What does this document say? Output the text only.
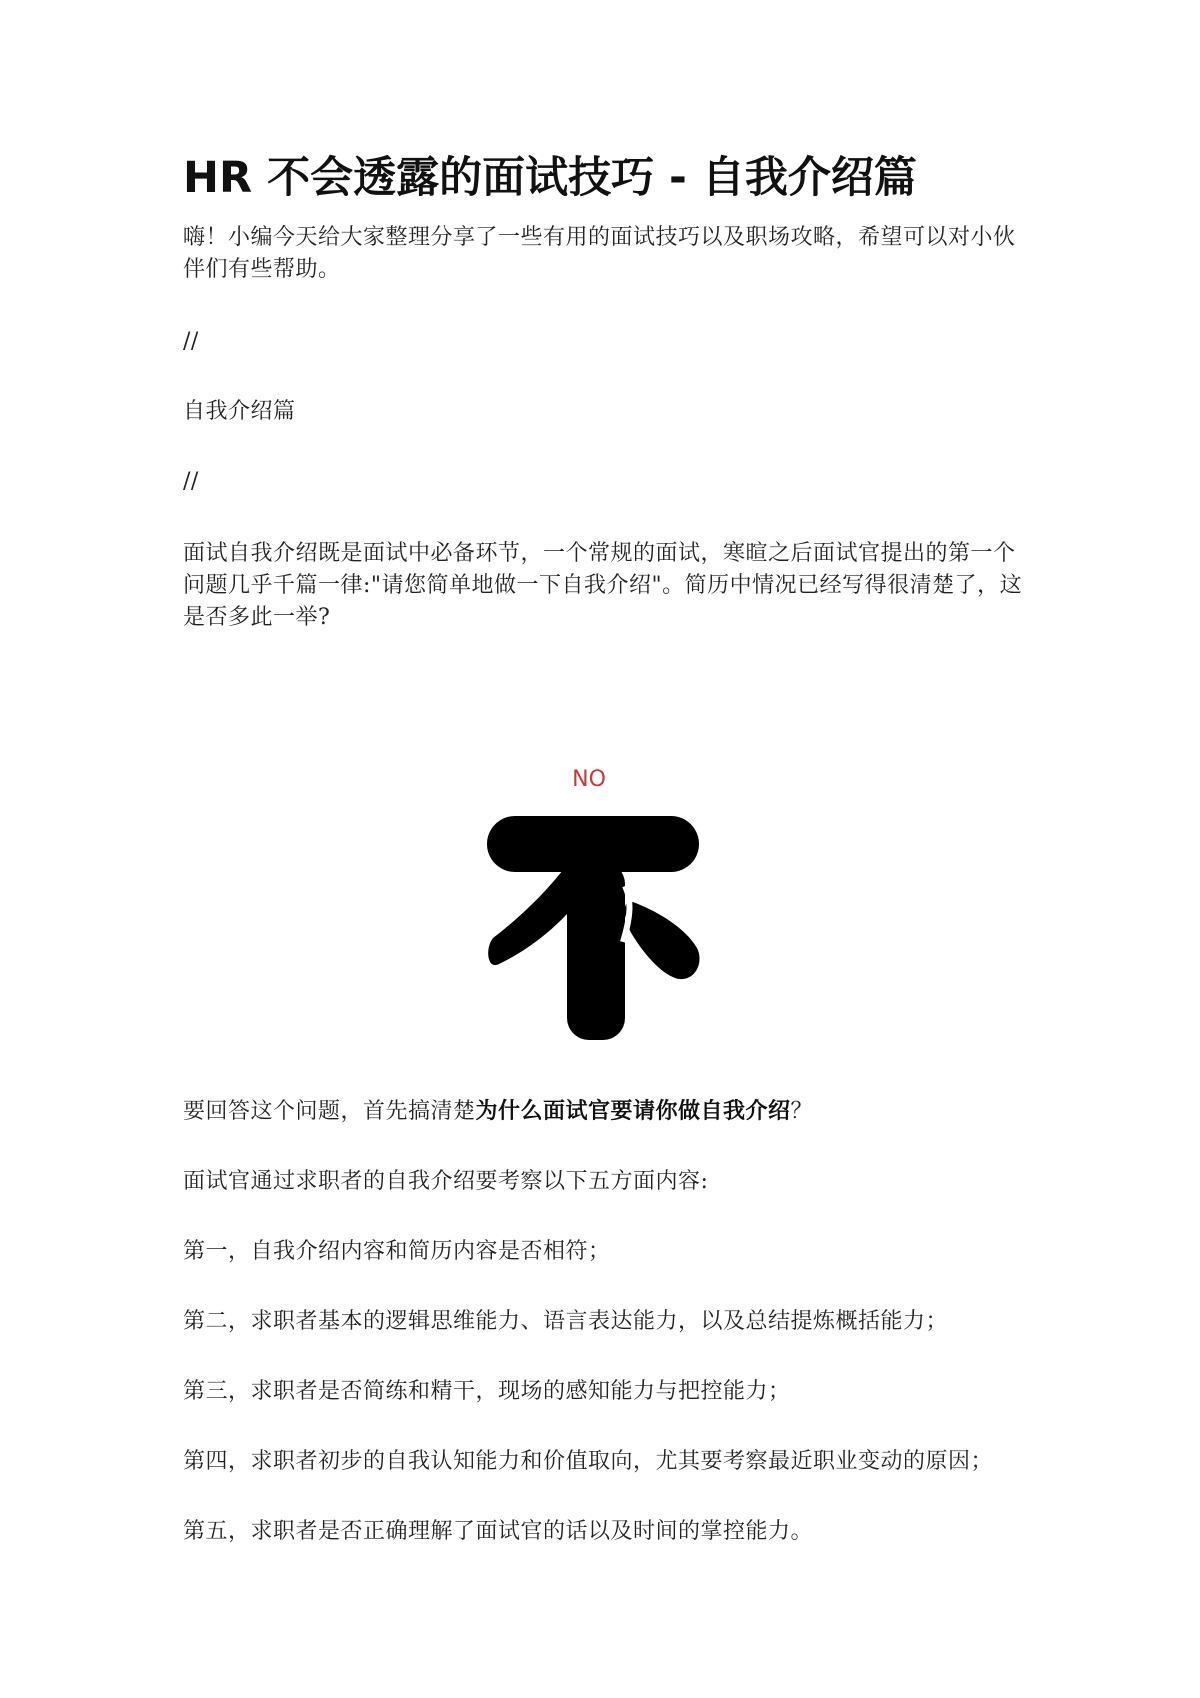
HR 不会透露的面试技巧 - 自我介绍篇

嗨！小编今天给大家整理分享了一些有用的面试技巧以及职场攻略，希望可以对小伙伴们有些帮助。

//

自我介绍篇

//

面试自我介绍既是面试中必备环节，一个常规的面试，寒暄之后面试官提出的第一个问题几乎千篇一律:"请您简单地做一下自我介绍"。简历中情况已经写得很清楚了，这是否多此一举?

NO

要回答这个问题，首先搞清楚为什么面试官要请你做自我介绍？

面试官通过求职者的自我介绍要考察以下五方面内容:

第一，自我介绍内容和简历内容是否相符；

第二，求职者基本的逻辑思维能力、语言表达能力，以及总结提炼概括能力；

第三，求职者是否简练和精干，现场的感知能力与把控能力；

第四，求职者初步的自我认知能力和价值取向，尤其要考察最近职业变动的原因；

第五，求职者是否正确理解了面试官的话以及时间的掌控能力。
